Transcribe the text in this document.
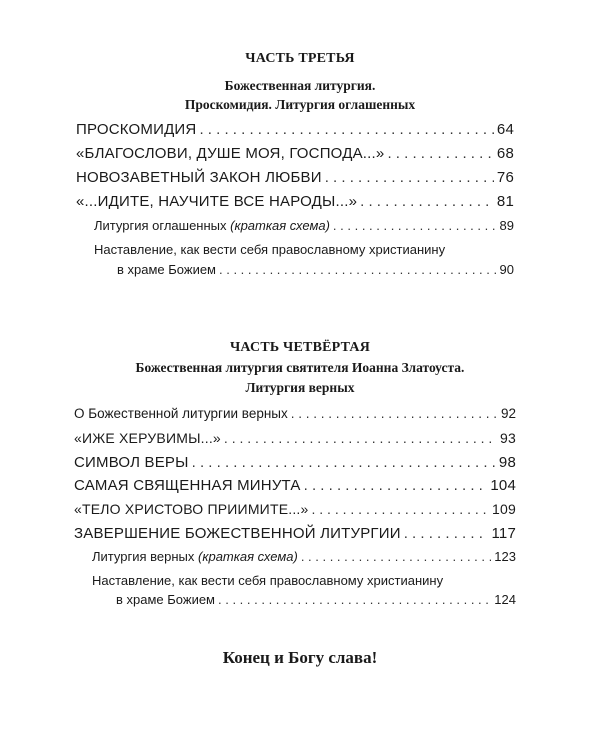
ЧАСТЬ ТРЕТЬЯ
Божественная литургия.
Проскомидия. Литургия оглашенных
ПРОСКОМИДИЯ . . .	64
«БЛАГОСЛОВИ, ДУШЕ МОЯ, ГОСПОДА...» . . .	68
НОВОЗАВЕТНЫЙ ЗАКОН ЛЮБВИ . . .	76
«...ИДИТЕ, НАУЧИТЕ ВСЕ НАРОДЫ...» . . .	81
Литургия оглашенных (краткая схема) . . .	89
Наставление, как вести себя православному христианину
в храме Божием . . .	90
ЧАСТЬ ЧЕТВЁРТАЯ
Божественная литургия святителя Иоанна Златоуста.
Литургия верных
О Божественной литургии верных . . .	92
«ИЖЕ ХЕРУВИМЫ...» . . .	93
СИМВОЛ ВЕРЫ . . .	98
САМАЯ СВЯЩЕННАЯ МИНУТА . . .	104
«ТЕЛО ХРИСТОВО ПРИИМИТЕ...» . . .	109
ЗАВЕРШЕНИЕ БОЖЕСТВЕННОЙ ЛИТУРГИИ . . .	117
Литургия верных (краткая схема) . . .	123
Наставление, как вести себя православному христианину
в храме Божием . . .	124
Конец и Богу слава!
